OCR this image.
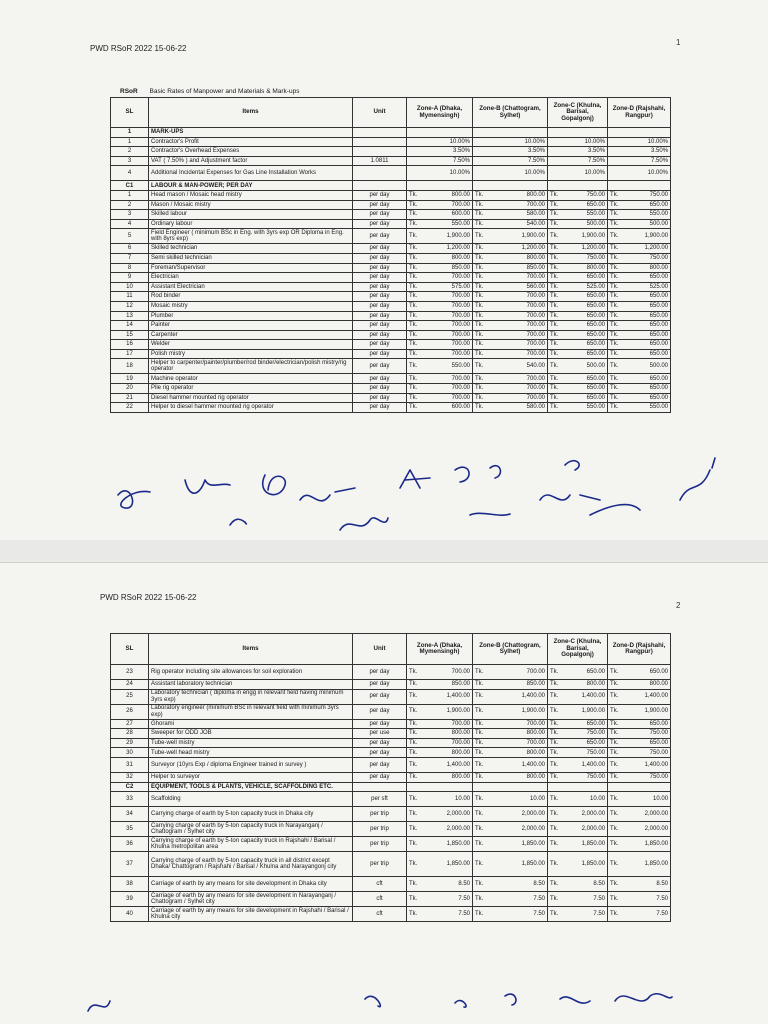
PWD RSoR 2022 15-06-22
1
RSoR Basic Rates of Manpower and Materials & Mark-ups
SL	Items	Unit	Zone-A (Dhaka, Mymensingh)		Zone-B (Chattogram, Sylhet)		Zone-C (Khulna, Barisal, Gopalgonj)		Zone-D (Rajshahi, Rangpur)	
1	MARK-UPS									
1	Contractor's Profit		10.00%		10.00%		10.00%		10.00%	
2	Contractor's Overhead Expenses		3.50%		3.50%		3.50%		3.50%	
3	VAT ( 7.50% ) and Adjustment factor	1.0811	7.50%		7.50%		7.50%		7.50%	
4	Additional Incidental Expenses for Gas Line Installation Works		10.00%		10.00%		10.00%		10.00%	
C1	LABOUR & MAN-POWER; PER DAY									
1	Head mason / Mosaic head mistry	per day	Tk.	800.00	Tk.	800.00	Tk.	750.00	Tk.	750.00
2	Mason / Mosaic mistry	per day	Tk.	700.00	Tk.	700.00	Tk.	650.00	Tk.	650.00
3	Skilled labour	per day	Tk.	600.00	Tk.	580.00	Tk.	550.00	Tk.	550.00
4	Ordinary labour	per day	Tk.	550.00	Tk.	540.00	Tk.	500.00	Tk.	500.00
5	Field Engineer ( minimum BSc in Eng. with 3yrs exp OR Diploma in Eng. with 8yrs exp)	per day	Tk.	1,900.00	Tk.	1,900.00	Tk.	1,900.00	Tk.	1,900.00
6	Skilled technician	per day	Tk.	1,200.00	Tk.	1,200.00	Tk.	1,200.00	Tk.	1,200.00
7	Semi skilled technician	per day	Tk.	800.00	Tk.	800.00	Tk.	750.00	Tk.	750.00
8	Foreman/Supervisor	per day	Tk.	850.00	Tk.	850.00	Tk.	800.00	Tk.	800.00
9	Electrician	per day	Tk.	700.00	Tk.	700.00	Tk.	650.00	Tk.	650.00
10	Assistant Electrician	per day	Tk.	575.00	Tk.	560.00	Tk.	525.00	Tk.	525.00
11	Rod binder	per day	Tk.	700.00	Tk.	700.00	Tk.	650.00	Tk.	650.00
12	Mosaic mistry	per day	Tk.	700.00	Tk.	700.00	Tk.	650.00	Tk.	650.00
13	Plumber	per day	Tk.	700.00	Tk.	700.00	Tk.	650.00	Tk.	650.00
14	Painter	per day	Tk.	700.00	Tk.	700.00	Tk.	650.00	Tk.	650.00
15	Carpenter	per day	Tk.	700.00	Tk.	700.00	Tk.	650.00	Tk.	650.00
16	Welder	per day	Tk.	700.00	Tk.	700.00	Tk.	650.00	Tk.	650.00
17	Polish mistry	per day	Tk.	700.00	Tk.	700.00	Tk.	650.00	Tk.	650.00
18	Helper to carpenter/painter/plumber/rod binder/electrician/polish mistry/rig operator	per day	Tk.	550.00	Tk.	540.00	Tk.	500.00	Tk.	500.00
19	Machine operator	per day	Tk.	700.00	Tk.	700.00	Tk.	650.00	Tk.	650.00
20	Pile rig operator	per day	Tk.	700.00	Tk.	700.00	Tk.	650.00	Tk.	650.00
21	Diesel hammer mounted rig operator	per day	Tk.	700.00	Tk.	700.00	Tk.	650.00	Tk.	650.00
22	Helper to diesel hammer mounted rig operator	per day	Tk.	600.00	Tk.	580.00	Tk.	550.00	Tk.	550.00
PWD RSoR 2022 15-06-22
2
SL	Items	Unit	Zone-A (Dhaka, Mymensingh)		Zone-B (Chattogram, Sylhet)		Zone-C (Khulna, Barisal, Gopalgonj)		Zone-D (Rajshahi, Rangpur)	
23	Rig operator including site allowances for soil exploration	per day	Tk.	700.00	Tk.	700.00	Tk.	650.00	Tk.	650.00
24	Assistant laboratory technician	per day	Tk.	850.00	Tk.	850.00	Tk.	800.00	Tk.	800.00
25	Laboratory technician ( diploma in engg in relevant field having minimum 3yrs exp)	per day	Tk.	1,400.00	Tk.	1,400.00	Tk.	1,400.00	Tk.	1,400.00
26	Laboratory engineer (minimum BSc in relevant field with minimum 3yrs exp)	per day	Tk.	1,900.00	Tk.	1,900.00	Tk.	1,900.00	Tk.	1,900.00
27	Ghorami	per day	Tk.	700.00	Tk.	700.00	Tk.	650.00	Tk.	650.00
28	Sweeper for ODD JOB	per use	Tk.	800.00	Tk.	800.00	Tk.	750.00	Tk.	750.00
29	Tube-well mistry	per day	Tk.	700.00	Tk.	700.00	Tk.	650.00	Tk.	650.00
30	Tube-well head mistry	per day	Tk.	800.00	Tk.	800.00	Tk.	750.00	Tk.	750.00
31	Surveyor (10yrs Exp / diploma Engineer trained in survey )	per day	Tk.	1,400.00	Tk.	1,400.00	Tk.	1,400.00	Tk.	1,400.00
32	Helper to surveyor	per day	Tk.	800.00	Tk.	800.00	Tk.	750.00	Tk.	750.00
C2	EQUIPMENT, TOOLS & PLANTS, VEHICLE, SCAFFOLDING ETC.									
33	Scaffolding	per sft	Tk.	10.00	Tk.	10.00	Tk.	10.00	Tk.	10.00
34	Carrying charge of earth by 5-ton capacity truck in Dhaka city	per trip	Tk.	2,000.00	Tk.	2,000.00	Tk.	2,000.00	Tk.	2,000.00
35	Carrying charge of earth by 5-ton capacity truck in Narayanganj / Chattogram / Sylhet city	per trip	Tk.	2,000.00	Tk.	2,000.00	Tk.	2,000.00	Tk.	2,000.00
36	Carrying charge of earth by 5-ton capacity truck in Rajshahi / Barisal / Khulna metropolitan area	per trip	Tk.	1,850.00	Tk.	1,850.00	Tk.	1,850.00	Tk.	1,850.00
37	Carrying charge of earth by 5-ton capacity truck in all district except Dhaka/ Chattogram / Rajshahi / Barisal / Khulna and Narayangonj city	per trip	Tk.	1,850.00	Tk.	1,850.00	Tk.	1,850.00	Tk.	1,850.00
38	Carriage of earth by any means for site development in Dhaka city	cft	Tk.	8.50	Tk.	8.50	Tk.	8.50	Tk.	8.50
39	Carriage of earth by any means for site development in Narayanganj / Chattogram / Sylhet city	cft	Tk.	7.50	Tk.	7.50	Tk.	7.50	Tk.	7.50
40	Carriage of earth by any means for site development in Rajshahi / Barisal / Khulna city	cft	Tk.	7.50	Tk.	7.50	Tk.	7.50	Tk.	7.50
